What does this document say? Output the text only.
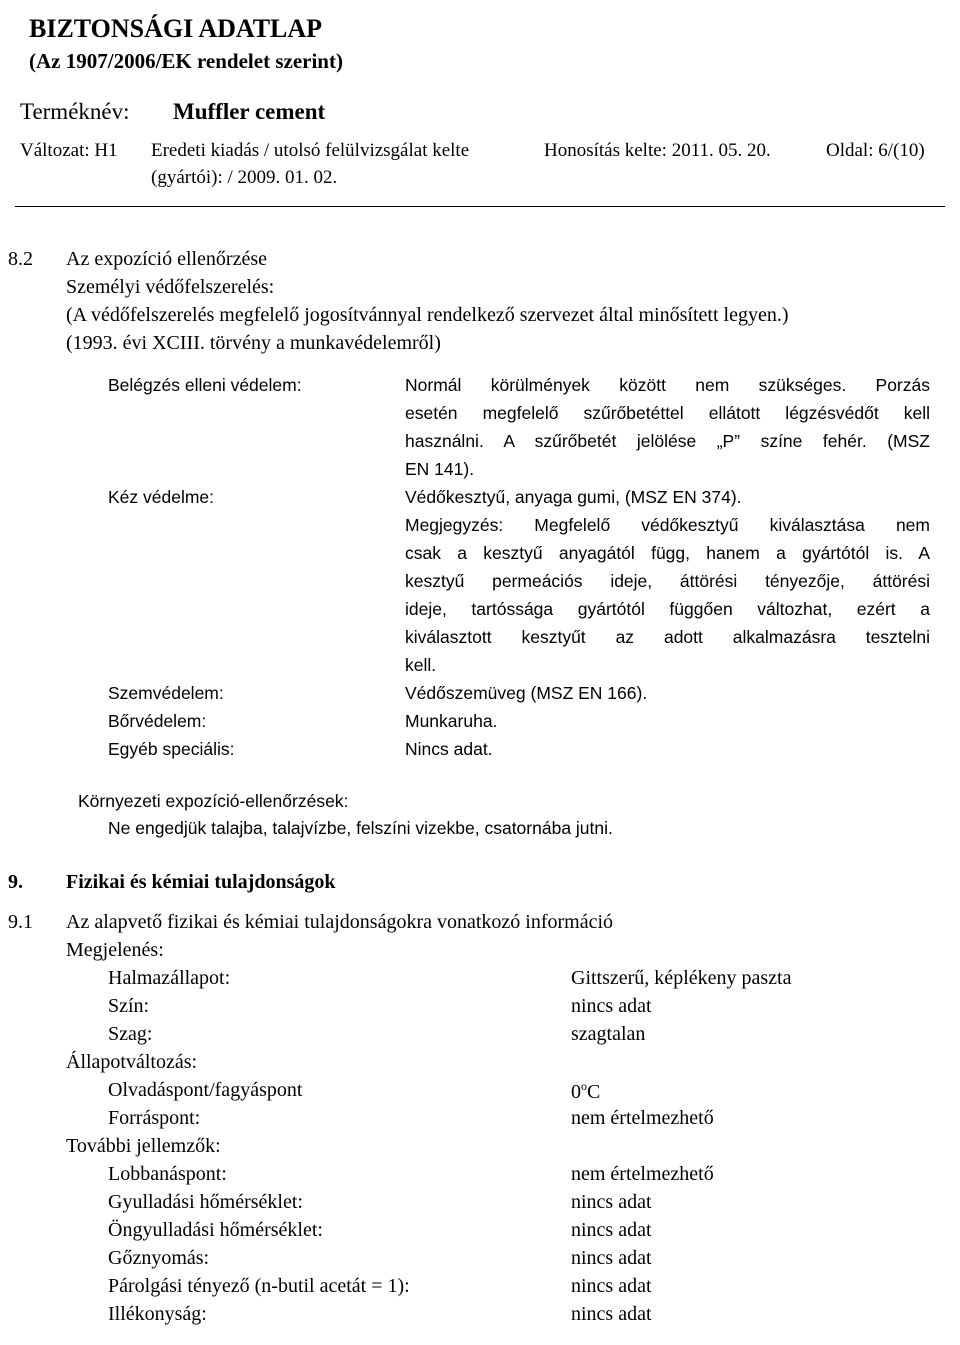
BIZTONSÁGI ADATLAP
(Az 1907/2006/EK rendelet szerint)
Terméknév: Muffler cement
Változat: H1 Eredeti kiadás / utolsó felülvizsgálat kelte
(gyártói): / 2009. 01. 02.
Honosítás kelte: 2011. 05. 20.	Oldal: 6/(10)
8.2 Az expozíció ellenőrzése
Személyi védőfelszerelés:
(A védőfelszerelés megfelelő jogosítvánnyal rendelkező szervezet által minősített legyen.)
(1993. évi XCIII. törvény a munkavédelemről)
Belégzés elleni védelem:	Normál körülmények között nem szükséges. Porzás
esetén megfelelő szűrőbetéttel ellátott légzésvédőt kell
használni. A szűrőbetét jelölése „P” színe fehér. (MSZ
EN 141).
Kéz védelme:	Védőkesztyű, anyaga gumi, (MSZ EN 374).
Megjegyzés: Megfelelő védőkesztyű kiválasztása nem
csak a kesztyű anyagától függ, hanem a gyártótól is. A
kesztyű permeációs ideje, áttörési tényezője, áttörési
ideje, tartóssága gyártótól függően változhat, ezért a
kiválasztott kesztyűt az adott alkalmazásra tesztelni
kell.
Szemvédelem:	Védőszemüveg (MSZ EN 166).
Bőrvédelem:	Munkaruha.
Egyéb speciális:	Nincs adat.
Környezeti expozíció-ellenőrzések:
Ne engedjük talajba, talajvízbe, felszíni vizekbe, csatornába jutni.
9. Fizikai és kémiai tulajdonságok
9.1 Az alapvető fizikai és kémiai tulajdonságokra vonatkozó információ
Megjelenés:
Halmazállapot:	Gittszerű, képlékeny paszta
Szín:	nincs adat
Szag:	szagtalan
Állapotváltozás:
Olvadáspont/fagyáspont	0$^o$C
Forráspont:	nem értelmezhető
További jellemzők:
Lobbanáspont:	nem értelmezhető
Gyulladási hőmérséklet:	nincs adat
Öngyulladási hőmérséklet:	nincs adat
Gőznyomás:	nincs adat
Párolgási tényező (n-butil acetát = 1):	nincs adat
Illékonyság:	nincs adat
